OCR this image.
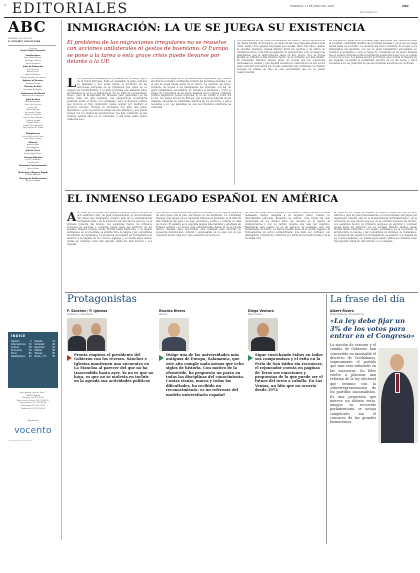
4 EDITORIALES	DOMINGO, 17 DE JUNIO DEL 2018	ABC
abc.es/opinion
ABC
FUNDADO EN 1903 POR
D. TORCUATO LUCA DE TENA
Director
Bieito Rubido Ramonde
Subdirectores
Juan Carlos Merino
Santiago Castelo
Jaime González
Jefes de Redacción
Luis Ventoso
Manuel Erice
Álvaro Martínez
Carmen Remírez de Ganuza
Adjunto al Director
Enrique Ortega
Director de Arte
Fernando Rodríguez
Subdirector de Edición
Alberto Pérez Giménez
Jefes de Área
Alfonso Armada
José Luis Jiménez
Jesús Lillo
Mayte Alcaraz
Fernando Ónega
Ignacio Camacho
Ramón Pérez-Maura
Cristina Losada
Manuel Marín
Isabel San Sebastián
Juan Manuel de Prada
Delegaciones
Javier Pérez de la Sala
José María Calleja
Editores
Antonio Ruiz
Jesús Aguirre
Jefa de Cierre
Ana Delgado Sanz
Consejo Editorial
Javier Caraballo
Luis Herrero
Relaciones Institucionales
Jaime Rubio
Marketing y Negocio Digital
Enrique Aguado
Director de Publicaciones
Álvaro Delgado
ÍNDICE
Opinión	3 España	14
Internacional 34 Sociedad	46
Cultura	58 Deportes	62
Economía	70 Madrid	80
Toros	84 Tiempo	90
Pasatiempos 92 Radio y TV	95
Juan Ignacio Luca de Tena, 7
28027 Madrid
Teléfono: 91 339 90 00
Atención al cliente: 902 33 44 55
Suscripciones: 91 339 65 65
Publicidad: 91 339 91 00
Redacción: 91 339 90 00
Editado por
vocento
FUNDADO EN 1903 POR
INMIGRACIÓN: LA UE SE JUEGA SU EXISTENCIA
El problema de las migraciones irregulares no se resuelve con acciones unilaterales ni gestos de buenismo. O Europa se pone a la tarea o esta grave crisis puede llevarse por delante a la UE
LOS populismos demagógicos proliferan en la mayor parte de la Unión Europea. Italia en Alemania, la gran coalición se tambalea y por todas partes el horizonte de las elecciones europeas de la primavera que viene se ve cargado de incertidumbre. Y el gran problema que alimenta estos movimientos es el de la inmigración. No se trata de un fenómeno nuevo, pero la incapacidad de Bruselas para gestionarlo se ha hecho cada vez más evidente. Las perspectivas económicas permiten mirar el futuro con optimismo, pero la fractura política que provoca el flujo migratorio puede acabar por destruir el proyecto europeo. Europa se encuentra hoy ante una grave disyuntiva: o pone a prueba la solidez de sus cimientos y que puede acabar con los sueños de generaciones que han construido la paz durante setenta años en el continente, y esa tarea nadie puede realizarla solo.
La inmigración ilegal es el problema más importante que deberá afrontar la sociedad continental durante las próximas décadas y en el que se juega buena parte de su futuro. La decisión del nuevo Gobierno de acoger a los inmigrantes del Aquarius, con ser un gesto humanitario encomiable, no resuelve el problema y corre el riesgo de convertirse en un efecto llamada que lo agrave. Ninguna política migratoria puede funcionar si no es común a todos los socios. Los países del sur de Europa, que reciben la mayoría de las llegadas, necesitan la solidaridad efectiva de los del norte, y estos necesitan a su vez garantías de que las fronteras exteriores se controlan.
Los populismos de todo signo se alimentan del miedo y de la frustración de las clases medias. Si Europa no es capaz de dar una respuesta eficaz a esta crisis, serán otros quienes impongan sus recetas. Hace tres años, cuando la canciller alemana, Angela Merkel, abrió las puertas a un millón de refugiados sirios, toda Europa aplaudió su generosidad, pero el tiempo ha demostrado que la improvisación tiene un alto precio. Hoy la propia Merkel se enfrenta a una rebelión dentro de su Gobierno por este asunto. El presidente Sánchez deberá tener en cuenta que las soluciones nacionales no existen y que España necesita la colaboración de sus socios para controlar la frontera sur, la más vulnerable del continente. La cumbre europea de finales de mes es una oportunidad que no se puede desaprovechar.
La inmigración ilegal es el problema más importante que deberá afrontar la sociedad continental durante las próximas décadas y en el que se juega buena parte de su futuro. La decisión del nuevo Gobierno de acoger a los inmigrantes del Aquarius, con ser un gesto humanitario encomiable, no resuelve el problema y corre el riesgo de convertirse en un efecto llamada que lo agrave. Ninguna política migratoria puede funcionar si no es común a todos los socios. Los países del sur de Europa, que reciben la mayoría de las llegadas, necesitan la solidaridad efectiva de los del norte, y estos necesitan a su vez garantías de que las fronteras exteriores se controlan.
EL INMENSO LEGADO ESPAÑOL EN AMÉRICA
A la visita de los Reyes de España a Estados Unidos se une un acto simbólico pero de gran trascendencia: el reconocimiento del papel que desempeñó nuestro país en la independencia norteamericana y en la formación de una nación que hoy es la primera potencia del mundo. Los españoles fueron los primeros europeos en explorar y colonizar buena parte del territorio de los actuales Estados Unidos, desde Florida hasta California, y su legado permanece en la toponimia, la arquitectura, la lengua y las costumbres de millones de ciudadanos. La presencia del español en Norteamérica es anterior a la llegada de los colonos ingleses y su huella sigue siendo visible en ciudades como San Agustín, Santa Fe, San Antonio o Los Ángeles.
Don Felipe y doña Letizia han querido subrayar con su viaje la vigencia de unos lazos que el paso del tiempo no ha debilitado. La comunidad hispana, que supera ya los cincuenta millones de personas, es la minoría más dinámica del país y su peso económico, político y cultural no deja de crecer. El español es la segunda lengua más hablada y estudiada en Estados Unidos y su futuro está estrechamente ligado al de la propia nación. España debe aprovechar esta realidad para reforzar su presencia institucional, cultural y empresarial en un país con el que comparte mucho más de lo que a menudo se reconoce.
La historia común entre España y los Estados Unidos ha sido durante demasiado tiempo relegada a un segundo plano, cuando no directamente ignorada. Bernardo de Gálvez, cuya figura ha sido recuperada en los últimos años, fue decisivo en la guerra de independencia y hoy su retrato preside una sala del Capitolio. Reivindicar este legado no es un ejercicio de nostalgia, sino una herramienta de futuro. La marca España tiene en el mundo hispano de Norteamérica un activo extraordinario que debe ser cultivado con inteligencia, constancia y ambición por parte de las instituciones y de la sociedad civil.
la visita de los Reyes de España a Estados Unidos se une un acto simbólico pero de gran trascendencia: el reconocimiento del papel que desempeñó nuestro país en la independencia norteamericana y en la formación de una nación que hoy es la primera potencia del mundo. Los españoles fueron los primeros europeos en explorar y colonizar buena parte del territorio de los actuales Estados Unidos, desde Florida hasta California, y su legado permanece en la toponimia, la arquitectura, la lengua y las costumbres de millones de ciudadanos. La presencia del español en Norteamérica es anterior a la llegada de los colonos ingleses y su huella sigue siendo visible en ciudades como San Agustín, Santa Fe, San Antonio o Los Ángeles.
Protagonistas
P. Sánchez / P. Iglesias
Gobierno / Podemos
Pronto empieza el presidente del Gobierno con los reveses. Sánchez e Iglesias mantienen una encuentro en La Moncloa al parecer del que no ha trascendido hasta ayer. Ya no es que no haya, es que no se molesta en incluir en la agenda sus actividades políticas
Ricardo Rivero
Rector
Dirige uno de las universidades más antiguas de Europa, Salamanca, que este año cumple nada menos que ocho siglos de historia. Con motivo de la efeméride, ha propuesto un pacto en todas las disciplinas del conocimiento. Contra viento, marea y todas las dificultades, ha recibido un reconocimiento: es un referente del modelo universitario español
Diego Ventura
Rejoneador
Sigue cosechando éxitos en todos sus compromisos y el éxito en la Feria de San Isidro sin reconocer, el rejoneador cuenta en páginas de Toros sus emociones y propuestas de lo que puede ser el futuro del toreo a caballo. En Las Ventas, un hito que no ocurría desde 1972
La frase del día
Albert Rivera
Presidente de Ciudadanos
«La ley debe fijar un 3% de los votos para entrar en el Congreso»
La moción de censura y el cambio de Gobierno han convertido en inevitable el discurso de Ciudadanos, seguramente el partido que más está sufriendo en las encuestas. Su líder vuelve a plantear una reforma de la ley electoral que termine con la sobrerrepresentación de los partidos nacionalistas. Es una propuesta que merece un debate serio, aunque su recorrido parlamentario se antoja complicado sin el concurso de las grandes formaciones.
